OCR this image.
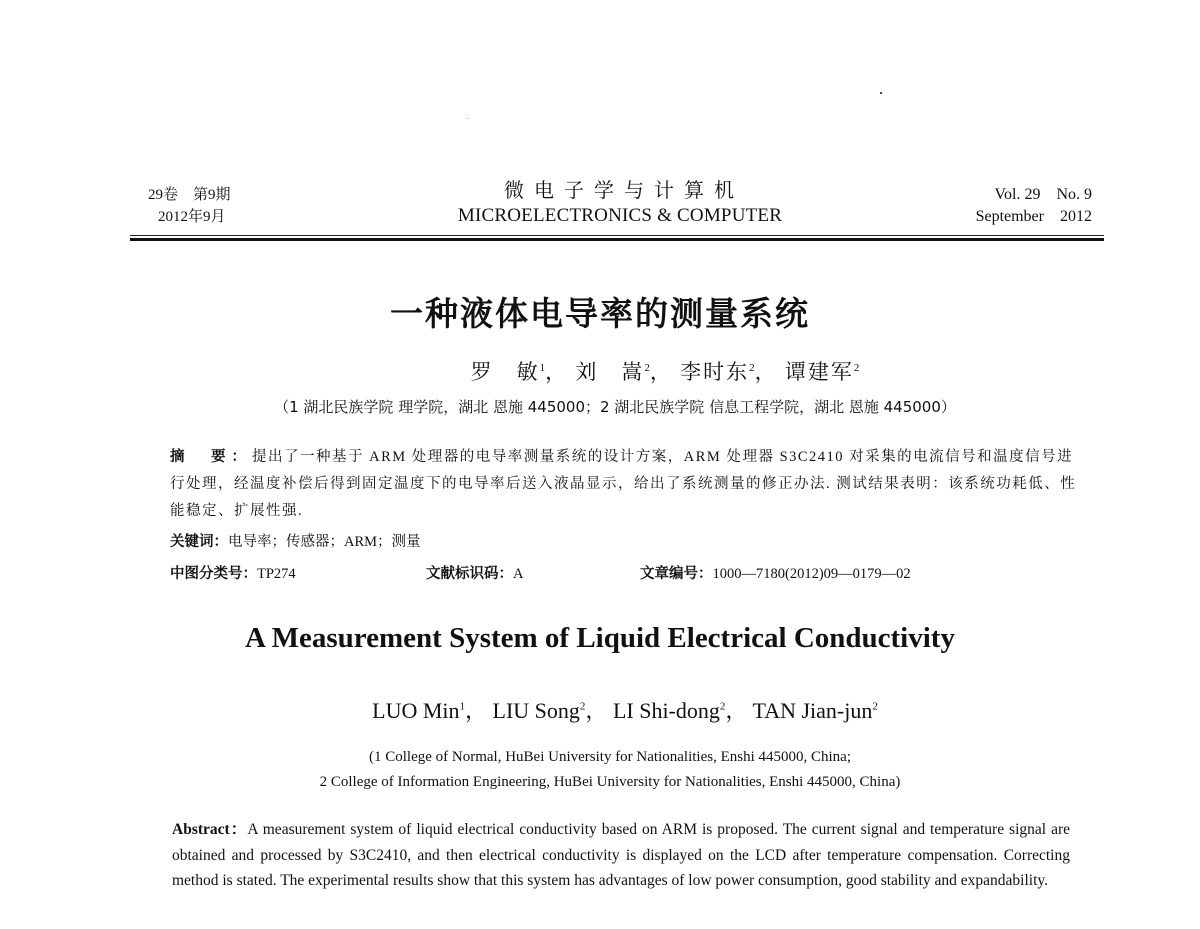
29卷　第9期
2012年9月
微电子学与计算机
MICROELECTRONICS & COMPUTER
Vol. 29　No. 9
September　2012
一种液体电导率的测量系统
罗　敏$^1$， 刘　嵩$^2$， 李时东$^2$， 谭建军$^2$
（1 湖北民族学院 理学院，湖北 恩施 445000；2 湖北民族学院 信息工程学院，湖北 恩施 445000）
摘　要：提出了一种基于 ARM 处理器的电导率测量系统的设计方案，ARM 处理器 S3C2410 对采集的电流信号和温度信号进行处理，经温度补偿后得到固定温度下的电导率后送入液晶显示，给出了系统测量的修正办法. 测试结果表明：该系统功耗低、性能稳定、扩展性强.
关键词：电导率；传感器；ARM；测量
中图分类号：TP274	文献标识码：A	文章编号：1000—7180(2012)09—0179—02
A Measurement System of Liquid Electrical Conductivity
LUO Min$^1$， LIU Song$^2$， LI Shi-dong$^2$， TAN Jian-jun$^2$
(1 College of Normal, HuBei University for Nationalities, Enshi 445000, China;
2 College of Information Engineering, HuBei University for Nationalities, Enshi 445000, China)
Abstract：A measurement system of liquid electrical conductivity based on ARM is proposed. The current signal and temperature signal are obtained and processed by S3C2410, and then electrical conductivity is displayed on the LCD after temperature compensation. Correcting method is stated. The experimental results show that this system has advantages of low power consumption, good stability and expandability.
